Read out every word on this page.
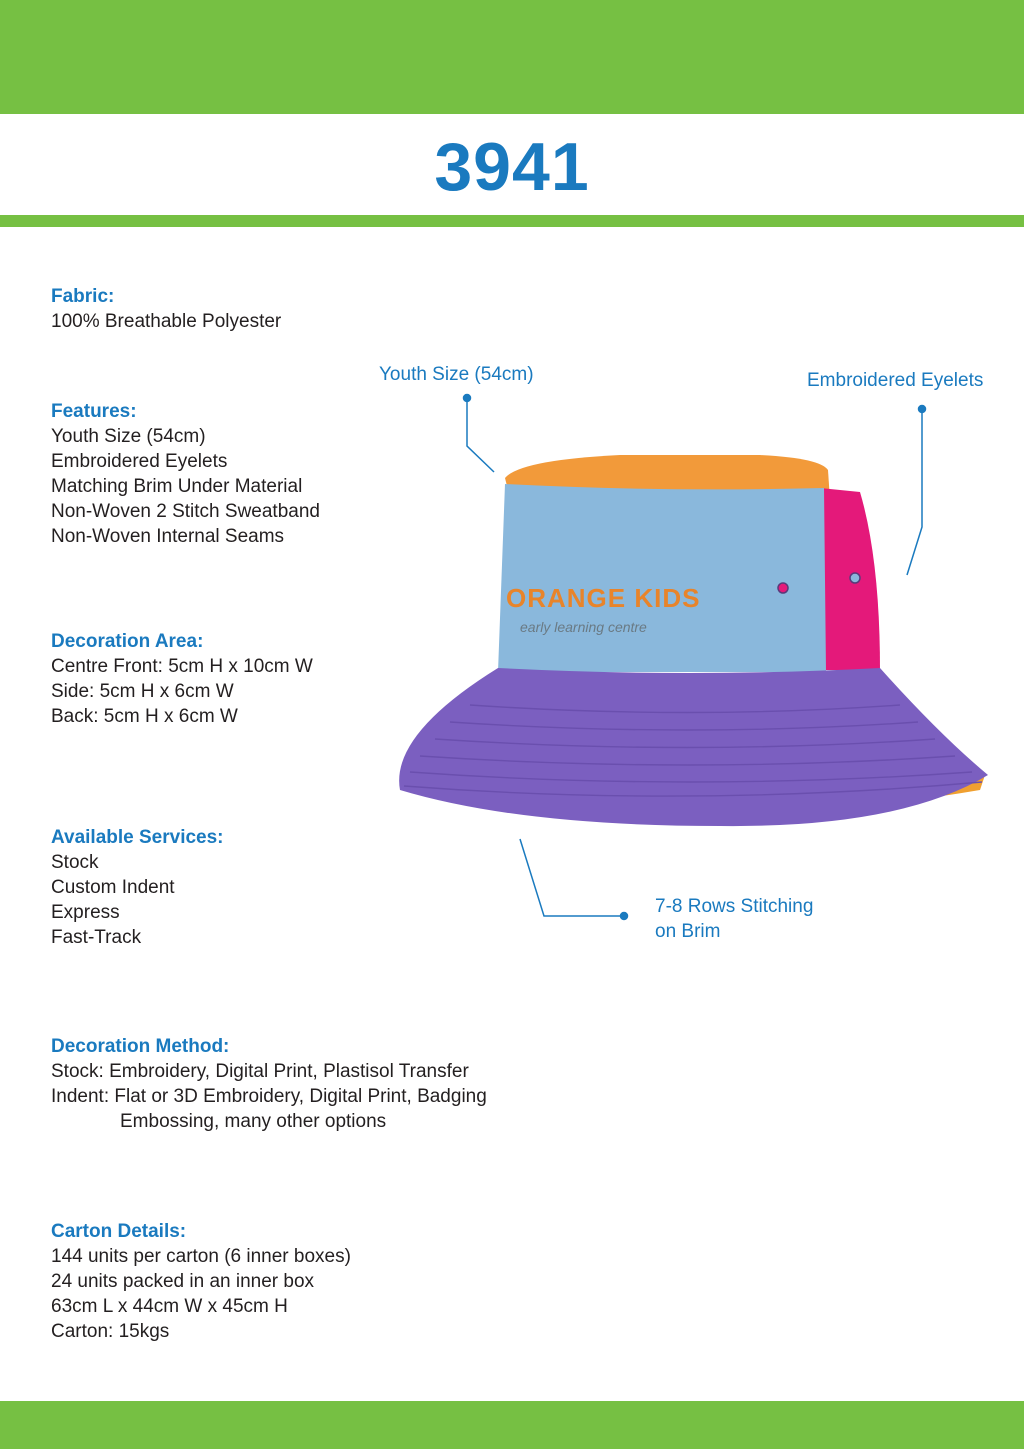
3941
Fabric:
100% Breathable Polyester
Features:
Youth Size (54cm)
Embroidered Eyelets
Matching Brim Under Material
Non-Woven 2 Stitch Sweatband
Non-Woven Internal Seams
Decoration Area:
Centre Front: 5cm H x 10cm W
Side: 5cm H x 6cm W
Back: 5cm H x 6cm W
Available Services:
Stock
Custom Indent
Express
Fast-Track
Decoration Method:
Stock: Embroidery, Digital Print, Plastisol Transfer
Indent: Flat or 3D Embroidery, Digital Print, Badging
Embossing, many other options
Carton Details:
144 units per carton (6 inner boxes)
24 units packed in an inner box
63cm L x 44cm W x 45cm H
Carton: 15kgs
Youth Size (54cm)	Embroidered Eyelets
7-8 Rows Stitching
on Brim
ORANGE KIDS
early learning centre
